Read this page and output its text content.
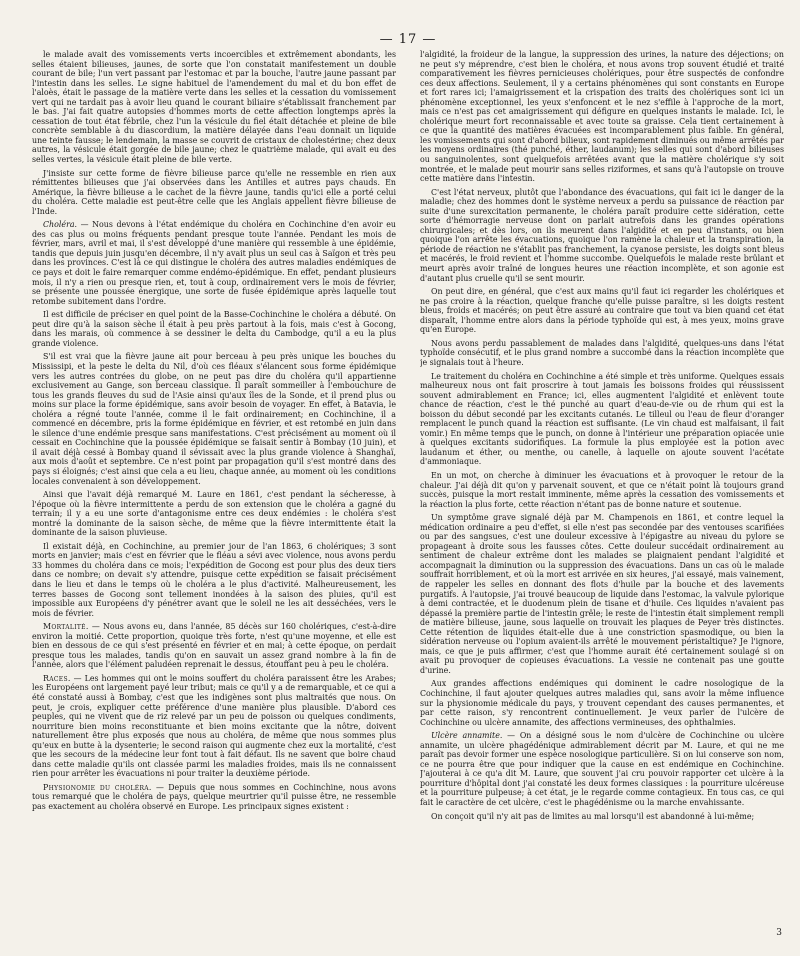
— 17 —

le malade avait des vomissements verts incoercibles et extrêmement abondants, les selles étaient bilieuses, jaunes, de sorte que l'on constatait manifestement un double courant de bile; l'un vert passant par l'estomac et par la bouche, l'autre jaune passant par l'intestin dans les selles. Le signe habituel de l'amendement du mal et du bon effet de l'aloès, était le passage de la matière verte dans les selles et la cessation du vomissement vert qui ne tardait pas à avoir lieu quand le courant biliaire s'établissait franchement par le bas. J'ai fait quatre autopsies d'hommes morts de cette affection longtemps après la cessation de tout état fébrile, chez l'un la vésicule du fiel était détachée et pleine de bile concrète semblable à du diascordium, la matière délayée dans l'eau donnait un liquide une teinte fausse; le lendemain, la masse se couvrit de cristaux de cholestérine; chez deux autres, la vésicule était gorgée de bile jaune; chez le quatrième malade, qui avait eu des selles vertes, la vésicule était pleine de bile verte.

J'insiste sur cette forme de fièvre bilieuse parce qu'elle ne ressemble en rien aux rémittentes bilieuses que j'ai observées dans les Antilles et autres pays chauds. En Amérique, la fièvre bilieuse a le cachet de la fièvre jaune, tandis qu'ici elle a porté celui du choléra. Cette maladie est peut-être celle que les Anglais appellent fièvre bilieuse de l'Inde.

Choléra. — Nous devons à l'état endémique du choléra en Cochinchine d'en avoir eu des cas plus ou moins fréquents pendant presque toute l'année. Pendant les mois de février, mars, avril et mai, il s'est développé d'une manière qui ressemble à une épidémie, tandis que depuis juin jusqu'en décembre, il n'y avait plus un seul cas à Saïgon et très peu dans les provinces. C'est là ce qui distingue le choléra des autres maladies endémiques de ce pays et doit le faire remarquer comme endémo-épidémique. En effet, pendant plusieurs mois, il n'y a rien ou presque rien, et, tout à coup, ordinairement vers le mois de février, se présente une poussée énergique, une sorte de fusée épidémique après laquelle tout retombe subitement dans l'ordre.

Il est difficile de préciser en quel point de la Basse-Cochinchine le choléra a débuté. On peut dire qu'à la saison sèche il était à peu près partout à la fois, mais c'est à Gocong, dans les marais, où commence à se dessiner le delta du Cambodge, qu'il a eu la plus grande violence.

S'il est vrai que la fièvre jaune ait pour berceau à peu près unique les bouches du Mississipi, et la peste le delta du Nil, d'où ces fléaux s'élancent sous forme épidémique vers les autres contrées du globe, on ne peut pas dire du choléra qu'il appartienne exclusivement au Gange, son berceau classique. Il paraît sommeiller à l'embouchure de tous les grands fleuves du sud de l'Asie ainsi qu'aux îles de la Sonde, et il prend plus ou moins sur place la forme épidémique, sans avoir besoin de voyager. En effet, à Batavia, le choléra a régné toute l'année, comme il le fait ordinairement; en Cochinchine, il a commencé en décembre, pris la forme épidémique en février, et est retombé en juin dans le silence d'une endémie presque sans manifestations. C'est précisément au moment où il cessait en Cochinchine que la poussée épidémique se faisait sentir à Bombay (10 juin), et il avait déjà cessé à Bombay quand il sévissait avec la plus grande violence à Shanghaï, aux mois d'août et septembre. Ce n'est point par propagation qu'il s'est montré dans des pays si éloignés; c'est ainsi que cela a eu lieu, chaque année, au moment où les conditions locales convenaient à son développement.

Ainsi que l'avait déjà remarqué M. Laure en 1861, c'est pendant la sécheresse, à l'époque où la fièvre intermittente a perdu de son extension que le choléra a gagné du terrain; il y a eu une sorte d'antagonisme entre ces deux endémies : le choléra s'est montré la dominante de la saison sèche, de même que la fièvre intermittente était la dominante de la saison pluvieuse.

Il existait déjà, en Cochinchine, au premier jour de l'an 1863, 6 cholériques; 3 sont morts en janvier; mais c'est en février que le fléau a sévi avec violence, nous avons perdu 33 hommes du choléra dans ce mois; l'expédition de Gocong est pour plus des deux tiers dans ce nombre; on devait s'y attendre, puisque cette expédition se faisait précisément dans le lieu et dans le temps où le choléra a le plus d'activité. Malheureusement, les terres basses de Gocong sont tellement inondées à la saison des pluies, qu'il est impossible aux Européens d'y pénétrer avant que le soleil ne les ait desséchées, vers le mois de février.

Mortalité. — Nous avons eu, dans l'année, 85 décès sur 160 cholériques, c'est-à-dire environ la moitié. Cette proportion, quoique très forte, n'est qu'une moyenne, et elle est bien en dessous de ce qui s'est présenté en février et en mai; à cette époque, on perdait presque tous les malades, tandis qu'on en sauvait un assez grand nombre à la fin de l'année, alors que l'élément paludéen reprenait le dessus, étouffant peu à peu le choléra.

Races. — Les hommes qui ont le moins souffert du choléra paraissent être les Arabes; les Européens ont largement payé leur tribut; mais ce qu'il y a de remarquable, et ce qui a été constaté aussi à Bombay, c'est que les indigènes sont plus maltraités que nous. On peut, je crois, expliquer cette préférence d'une manière plus plausible. D'abord ces peuples, qui ne vivent que de riz relevé par un peu de poisson ou quelques condiments, nourriture bien moins reconstituante et bien moins excitante que la nôtre, doivent naturellement être plus exposés que nous au choléra, de même que nous sommes plus qu'eux en butte à la dysenterie; le second raison qui augmente chez eux la mortalité, c'est que les secours de la médecine leur font tout à fait défaut. Ils ne savent que boire chaud dans cette maladie qu'ils ont classée parmi les maladies froides, mais ils ne connaissent rien pour arrêter les évacuations ni pour traiter la deuxième période.

Physionomie du choléra. — Depuis que nous sommes en Cochinchine, nous avons tous remarqué que le choléra de pays, quelque meurtrier qu'il puisse être, ne ressemble pas exactement au choléra observé en Europe. Les principaux signes existent :

l'algidité, la froideur de la langue, la suppression des urines, la nature des déjections; on ne peut s'y méprendre, c'est bien le choléra, et nous avons trop souvent étudié et traité comparativement les fièvres pernicieuses cholériques, pour être suspectés de confondre ces deux affections. Seulement, il y a certains phénomènes qui sont constants en Europe et fort rares ici; l'amaigrissement et la crispation des traits des cholériques sont ici un phénomène exceptionnel, les yeux s'enfoncent et le nez s'effile à l'approche de la mort, mais ce n'est pas cet amaigrissement qui défigure en quelques instants le malade. Ici, le cholérique meurt fort reconnaissable et avec toute sa graisse. Cela tient certainement à ce que la quantité des matières évacuées est incomparablement plus faible. En général, les vomissements qui sont d'abord bilieux, sont rapidement diminués ou même arrêtés par les moyens ordinaires (thé punché, éther, laudanum); les selles qui sont d'abord bilieuses ou sanguinolentes, sont quelquefois arrêtées avant que la matière cholérique s'y soit montrée, et le malade peut mourir sans selles riziformes, et sans qu'à l'autopsie on trouve cette matière dans l'intestin.

C'est l'état nerveux, plutôt que l'abondance des évacuations, qui fait ici le danger de la maladie; chez des hommes dont le système nerveux a perdu sa puissance de réaction par suite d'une surexcitation permanente, le choléra paraît produire cette sidération, cette sorte d'hémorragie nerveuse dont on parlait autrefois dans les grandes opérations chirurgicales; et dès lors, on ils meurent dans l'algidité et en peu d'instants, ou bien quoique l'on arrête les évacuations, quoique l'on ramène la chaleur et la transpiration, la période de réaction ne s'établit pas franchement, la cyanose persiste, les doigts sont bleus et macérés, le froid revient et l'homme succombe. Quelquefois le malade reste brûlant et meurt après avoir traîné de longues heures une réaction incomplète, et son agonie est d'autant plus cruelle qu'il se sent mourir.

On peut dire, en général, que c'est aux mains qu'il faut ici regarder les cholériques et ne pas croire à la réaction, quelque franche qu'elle puisse paraître, si les doigts restent bleus, froids et macérés; on peut être assuré au contraire que tout va bien quand cet état disparaît, l'homme entre alors dans la période typhoïde qui est, à mes yeux, moins grave qu'en Europe.

Nous avons perdu passablement de malades dans l'algidité, quelques-uns dans l'état typhoïde consécutif, et le plus grand nombre a succombé dans la réaction incomplète que je signalais tout à l'heure.

Le traitement du choléra en Cochinchine a été simple et très uniforme. Quelques essais malheureux nous ont fait proscrire à tout jamais les boissons froides qui réussissent souvent admirablement en France; ici, elles augmentent l'algidité et enlèvent toute chance de réaction, c'est le thé punché au quart d'eau-de-vie ou de rhum qui est la boisson du début secondé par les excitants cutanés. Le tilleul ou l'eau de fleur d'oranger remplacent le punch quand la réaction est suffisante. (Le vin chaud est malfaisant, il fait vomir.) En même temps que le punch, on donne à l'intérieur une préparation opiacée unie à quelques excitants sudorifiques. La formule la plus employée est la potion avec laudanum et éther, ou menthe, ou canelle, à laquelle on ajoute souvent l'acétate d'ammoniaque.

En un mot, on cherche à diminuer les évacuations et à provoquer le retour de la chaleur. J'ai déjà dit qu'on y parvenait souvent, et que ce n'était point là toujours grand succès, puisque la mort restait imminente, même après la cessation des vomissements et la réaction la plus forte, cette réaction n'étant pas de bonne nature et soutenue.

Un symptôme grave signalé déjà par M. Champenois en 1861, et contre lequel la médication ordinaire a peu d'effet, si elle n'est pas secondée par des ventouses scarifiées ou par des sangsues, c'est une douleur excessive à l'épigastre au niveau du pylore se propageant à droite sous les fausses côtes. Cette douleur succédait ordinairement au sentiment de chaleur extrême dont les malades se plaignaient pendant l'algidité et accompagnait la diminution ou la suppression des évacuations. Dans un cas où le malade souffrait horriblement, et où la mort est arrivée en six heures, j'ai essayé, mais vainement, de rappeler les selles en donnant des flots d'huile par la bouche et des lavements purgatifs. À l'autopsie, j'ai trouvé beaucoup de liquide dans l'estomac, la valvule pylorique à demi contractée, et le duodenum plein de tisane et d'huile. Ces liquides n'avaient pas dépassé la première partie de l'intestin grêle; le reste de l'intestin était simplement rempli de matière bilieuse, jaune, sous laquelle on trouvait les plaques de Peyer très distinctes. Cette rétention de liquides était-elle due à une constriction spasmodique, ou bien la sidération nerveuse ou l'opium avaient-ils arrêté le mouvement péristaltique? Je l'ignore, mais, ce que je puis affirmer, c'est que l'homme aurait été certainement soulagé si on avait pu provoquer de copieuses évacuations. La vessie ne contenait pas une goutte d'urine.

Aux grandes affections endémiques qui dominent le cadre nosologique de la Cochinchine, il faut ajouter quelques autres maladies qui, sans avoir la même influence sur la physionomie médicale du pays, y trouvent cependant des causes permanentes, et par cette raison, s'y rencontrent continuellement. Je veux parler de l'ulcère de Cochinchine ou ulcère annamite, des affections vermineuses, des ophthalmies.

Ulcère annamite. — On a désigné sous le nom d'ulcère de Cochinchine ou ulcère annamite, un ulcère phagédénique admirablement décrit par M. Laure, et qui ne me paraît pas devoir former une espèce nosologique particulière. Si on lui conserve son nom, ce ne pourra être que pour indiquer que la cause en est endémique en Cochinchine. J'ajouterai à ce qu'a dit M. Laure, que souvent j'ai cru pouvoir rapporter cet ulcère à la pourriture d'hôpital dont j'ai constaté les deux formes classiques : la pourriture ulcéreuse et la pourriture pulpeuse; à cet état, je le regarde comme contagieux. En tous cas, ce qui fait le caractère de cet ulcère, c'est le phagédénisme ou la marche envahissante.

On conçoit qu'il n'y ait pas de limites au mal lorsqu'il est abandonné à lui-même;

3
